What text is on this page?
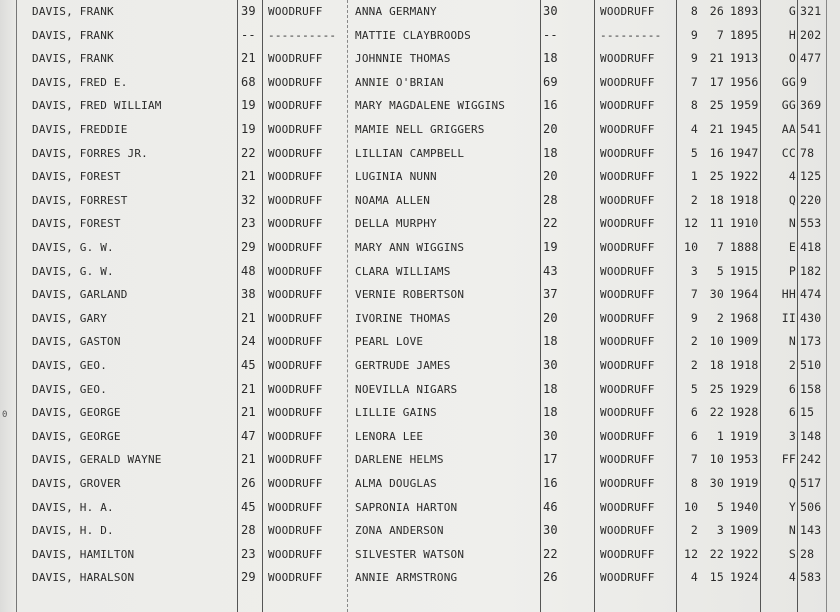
0
DAVIS, FRANK	39 WOODRUFF	ANNA GERMANY	30	WOODRUFF	8	26 1893	G 321
DAVIS, FRANK	-- ---------- MATTIE CLAYBROODS	--	---------	9	7 1895	H 202
DAVIS, FRANK	21 WOODRUFF	JOHNNIE THOMAS	18	WOODRUFF	9	21 1913	O 477
DAVIS, FRED E.	68 WOODRUFF	ANNIE O'BRIAN	69	WOODRUFF	7	17 1956	GG 9
DAVIS, FRED WILLIAM	19 WOODRUFF	MARY MAGDALENE WIGGINS	16	WOODRUFF	8	25 1959	GG 369
DAVIS, FREDDIE	19 WOODRUFF	MAMIE NELL GRIGGERS	20	WOODRUFF	4	21 1945	AA 541
DAVIS, FORRES JR.	22 WOODRUFF	LILLIAN CAMPBELL	18	WOODRUFF	5	16 1947	CC 78
DAVIS, FOREST	21 WOODRUFF	LUGINIA NUNN	20	WOODRUFF	1	25 1922	4 125
DAVIS, FORREST	32 WOODRUFF	NOAMA ALLEN	28	WOODRUFF	2	18 1918	Q 220
DAVIS, FOREST	23 WOODRUFF	DELLA MURPHY	22	WOODRUFF	12	11 1910	N 553
DAVIS, G. W.	29 WOODRUFF	MARY ANN WIGGINS	19	WOODRUFF	10	7 1888	E 418
DAVIS, G. W.	48 WOODRUFF	CLARA WILLIAMS	43	WOODRUFF	3	5 1915	P 182
DAVIS, GARLAND	38 WOODRUFF	VERNIE ROBERTSON	37	WOODRUFF	7	30 1964	HH 474
DAVIS, GARY	21 WOODRUFF	IVORINE THOMAS	20	WOODRUFF	9	2 1968	II 430
DAVIS, GASTON	24 WOODRUFF	PEARL LOVE	18	WOODRUFF	2	10 1909	N 173
DAVIS, GEO.	45 WOODRUFF	GERTRUDE JAMES	30	WOODRUFF	2	18 1918	2 510
DAVIS, GEO.	21 WOODRUFF	NOEVILLA NIGARS	18	WOODRUFF	5	25 1929	6 158
DAVIS, GEORGE	21 WOODRUFF	LILLIE GAINS	18	WOODRUFF	6	22 1928	6 15
DAVIS, GEORGE	47 WOODRUFF	LENORA LEE	30	WOODRUFF	6	1 1919	3 148
DAVIS, GERALD WAYNE	21 WOODRUFF	DARLENE HELMS	17	WOODRUFF	7	10 1953	FF 242
DAVIS, GROVER	26 WOODRUFF	ALMA DOUGLAS	16	WOODRUFF	8	30 1919	Q 517
DAVIS, H. A.	45 WOODRUFF	SAPRONIA HARTON	46	WOODRUFF	10	5 1940	Y 506
DAVIS, H. D.	28 WOODRUFF	ZONA ANDERSON	30	WOODRUFF	2	3 1909	N 143
DAVIS, HAMILTON	23 WOODRUFF	SILVESTER WATSON	22	WOODRUFF	12	22 1922	S 28
DAVIS, HARALSON	29 WOODRUFF	ANNIE ARMSTRONG	26	WOODRUFF	4	15 1924	4 583
